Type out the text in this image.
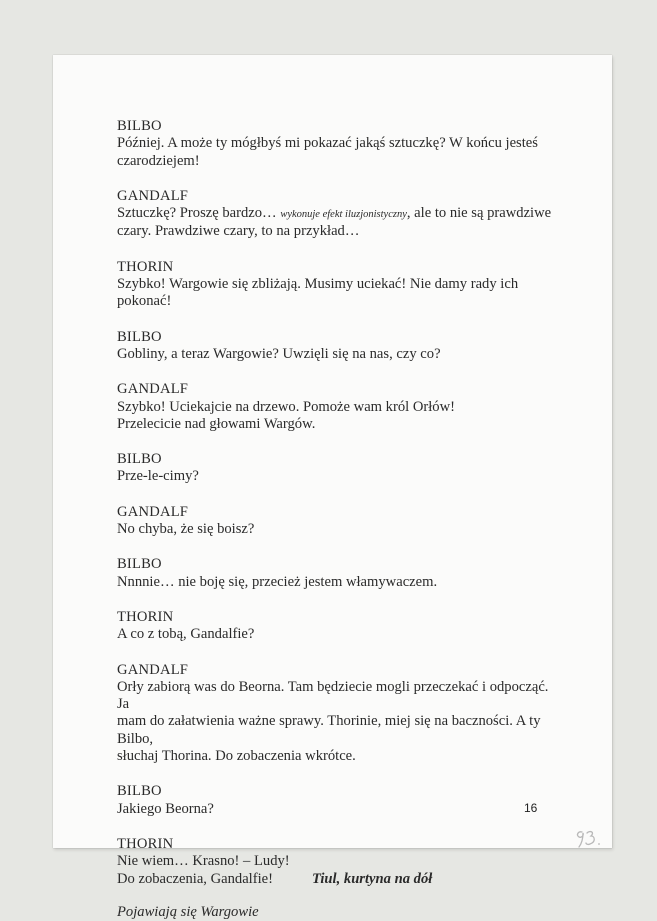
BILBO
Później. A może ty mógłbyś mi pokazać jakąś sztuczkę? W końcu jesteś
czarodziejem!
GANDALF
Sztuczkę? Proszę bardzo… wykonuje efekt iluzjonistyczny, ale to nie są prawdziwe
czary. Prawdziwe czary, to na przykład…
THORIN
Szybko! Wargowie się zbliżają. Musimy uciekać! Nie damy rady ich pokonać!
BILBO
Gobliny, a teraz Wargowie? Uwzięli się na nas, czy co?
GANDALF
Szybko! Uciekajcie na drzewo. Pomoże wam król Orłów!
Przelecicie nad głowami Wargów.
BILBO
Prze-le-cimy?
GANDALF
No chyba, że się boisz?
BILBO
Nnnnie… nie boję się, przecież jestem włamywaczem.
THORIN
A co z tobą, Gandalfie?
GANDALF
Orły zabiorą was do Beorna. Tam będziecie mogli przeczekać i odpocząć. Ja
mam do załatwienia ważne sprawy. Thorinie, miej się na baczności. A ty Bilbo,
słuchaj Thorina. Do zobaczenia wkrótce.
BILBO
Jakiego Beorna?
THORIN
Nie wiem… Krasno! – Ludy!
Do zobaczenia, Gandalfie!	Tiul, kurtyna na dół
Pojawiają się Wargowie
16
